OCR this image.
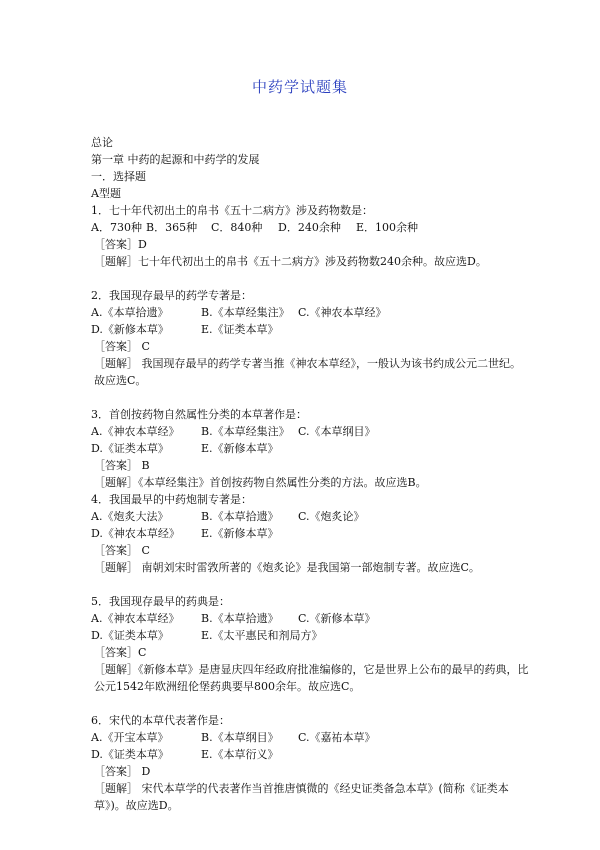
中药学试题集
总论
第一章 中药的起源和中药学的发展
一．选择题
A型题
1．七十年代初出土的帛书《五十二病方》涉及药物数是：
A．730种 B．365种	C．840种	D．240余种	E．100余种
［答案］D
［题解］七十年代初出土的帛书《五十二病方》涉及药物数240余种。故应选D。
2．我国现存最早的药学专著是：
A.《本草拾遗》	B.《本草经集注》 C.《神农本草经》
D.《新修本草》	E.《证类本草》
［答案］ C
［题解］ 我国现存最早的药学专著当推《神农本草经》，一般认为该书约成公元二世纪。故应选C。
3．首创按药物自然属性分类的本草著作是：
A.《神农本草经》	B.《本草经集注》 C.《本草纲目》
D.《证类本草》	E.《新修本草》
［答案］ B
［题解］《本草经集注》首创按药物自然属性分类的方法。故应选B。
4．我国最早的中药炮制专著是：
A.《炮炙大法》	B.《本草拾遗》	C.《炮炙论》
D.《神农本草经》	E.《新修本草》
［答案］ C
［题解］ 南朝刘宋时雷敩所著的《炮炙论》是我国第一部炮制专著。故应选C。
5．我国现存最早的药典是：
A.《神农本草经》	B.《本草拾遗》	C.《新修本草》
D.《证类本草》	E.《太平惠民和剂局方》
［答案］C
［题解］《新修本草》是唐显庆四年经政府批准编修的，它是世界上公布的最早的药典，比公元1542年欧洲纽伦堡药典要早800余年。故应选C。
6．宋代的本草代表著作是：
A.《开宝本草》	B.《本草纲目》	C.《嘉祐本草》
D.《证类本草》	E.《本草衍义》
［答案］ D
［题解］ 宋代本草学的代表著作当首推唐慎微的《经史证类备急本草》(简称《证类本草》)。故应选D。
